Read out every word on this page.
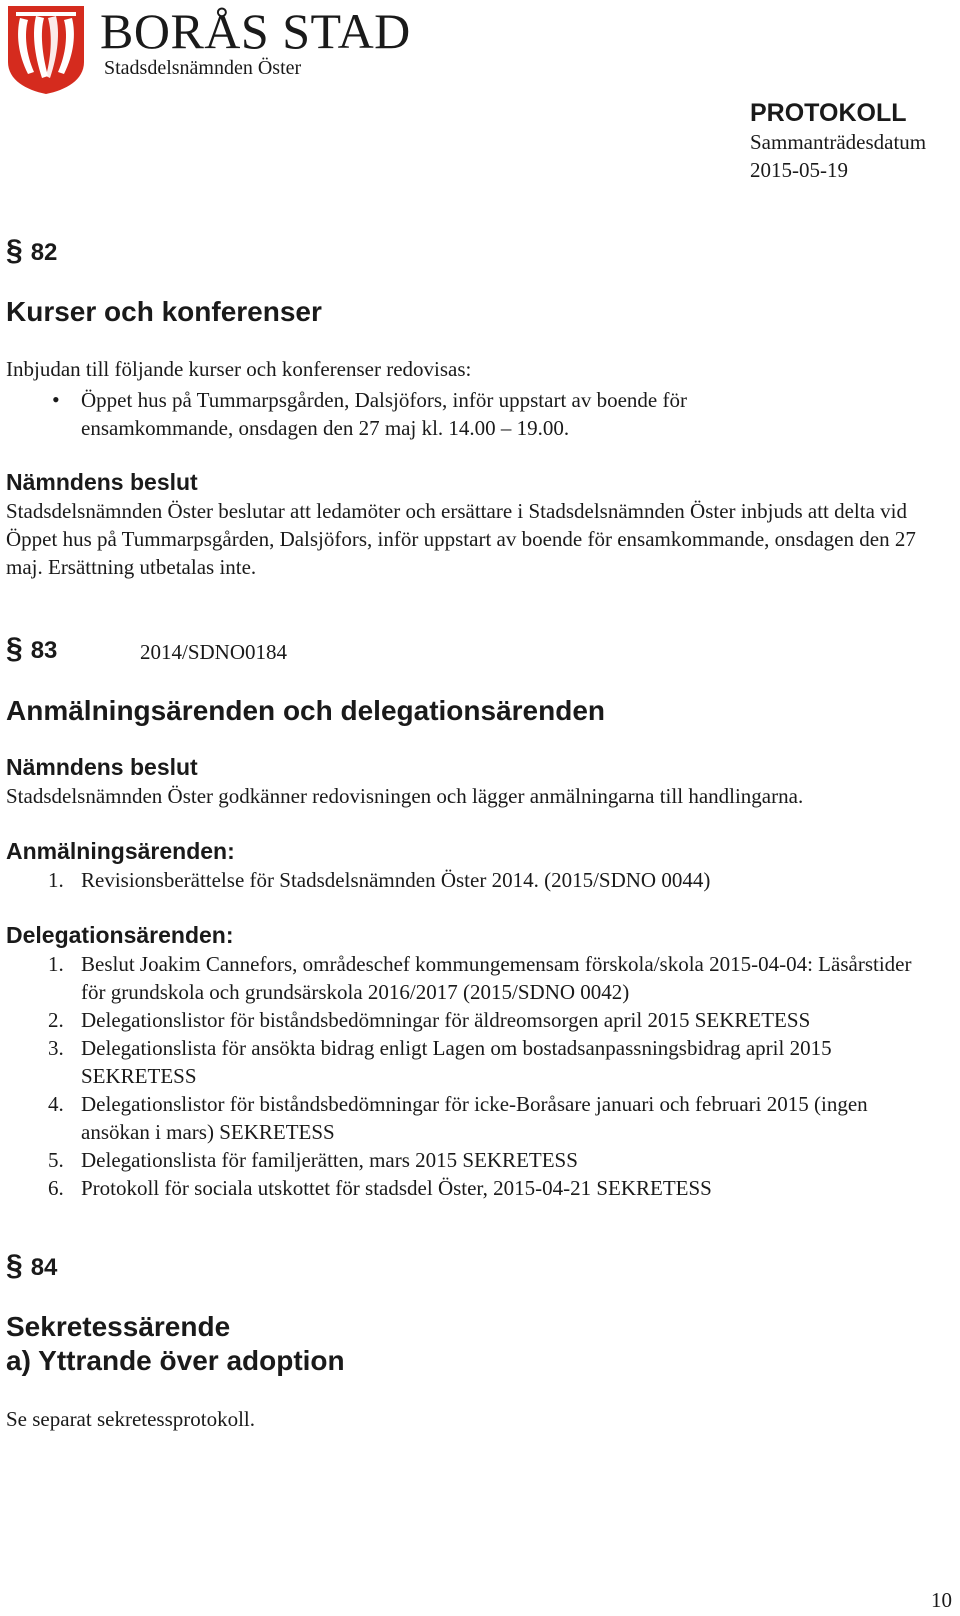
BORÅS STAD
Stadsdelsnämnden Öster
PROTOKOLL
Sammanträdesdatum
2015-05-19
§ 82
Kurser och konferenser
Inbjudan till följande kurser och konferenser redovisas:
• Öppet hus på Tummarpsgården, Dalsjöfors, inför uppstart av boende för ensamkommande, onsdagen den 27 maj kl. 14.00 – 19.00.
Nämndens beslut
Stadsdelsnämnden Öster beslutar att ledamöter och ersättare i Stadsdelsnämnden Öster inbjuds att delta vid Öppet hus på Tummarpsgården, Dalsjöfors, inför uppstart av boende för ensamkommande, onsdagen den 27 maj. Ersättning utbetalas inte.
§ 83	2014/SDNO0184
Anmälningsärenden och delegationsärenden
Nämndens beslut
Stadsdelsnämnden Öster godkänner redovisningen och lägger anmälningarna till handlingarna.
Anmälningsärenden:
1. Revisionsberättelse för Stadsdelsnämnden Öster 2014. (2015/SDNO 0044)
Delegationsärenden:
1. Beslut Joakim Cannefors, områdeschef kommungemensam förskola/skola 2015-04-04: Läsårstider för grundskola och grundsärskola 2016/2017 (2015/SDNO 0042)
2. Delegationslistor för biståndsbedömningar för äldreomsorgen april 2015 SEKRETESS
3. Delegationslista för ansökta bidrag enligt Lagen om bostadsanpassningsbidrag april 2015 SEKRETESS
4. Delegationslistor för biståndsbedömningar för icke-Boråsare januari och februari 2015 (ingen ansökan i mars) SEKRETESS
5. Delegationslista för familjerätten, mars 2015 SEKRETESS
6. Protokoll för sociala utskottet för stadsdel Öster, 2015-04-21 SEKRETESS
§ 84
Sekretessärende
a) Yttrande över adoption
Se separat sekretessprotokoll.
10
